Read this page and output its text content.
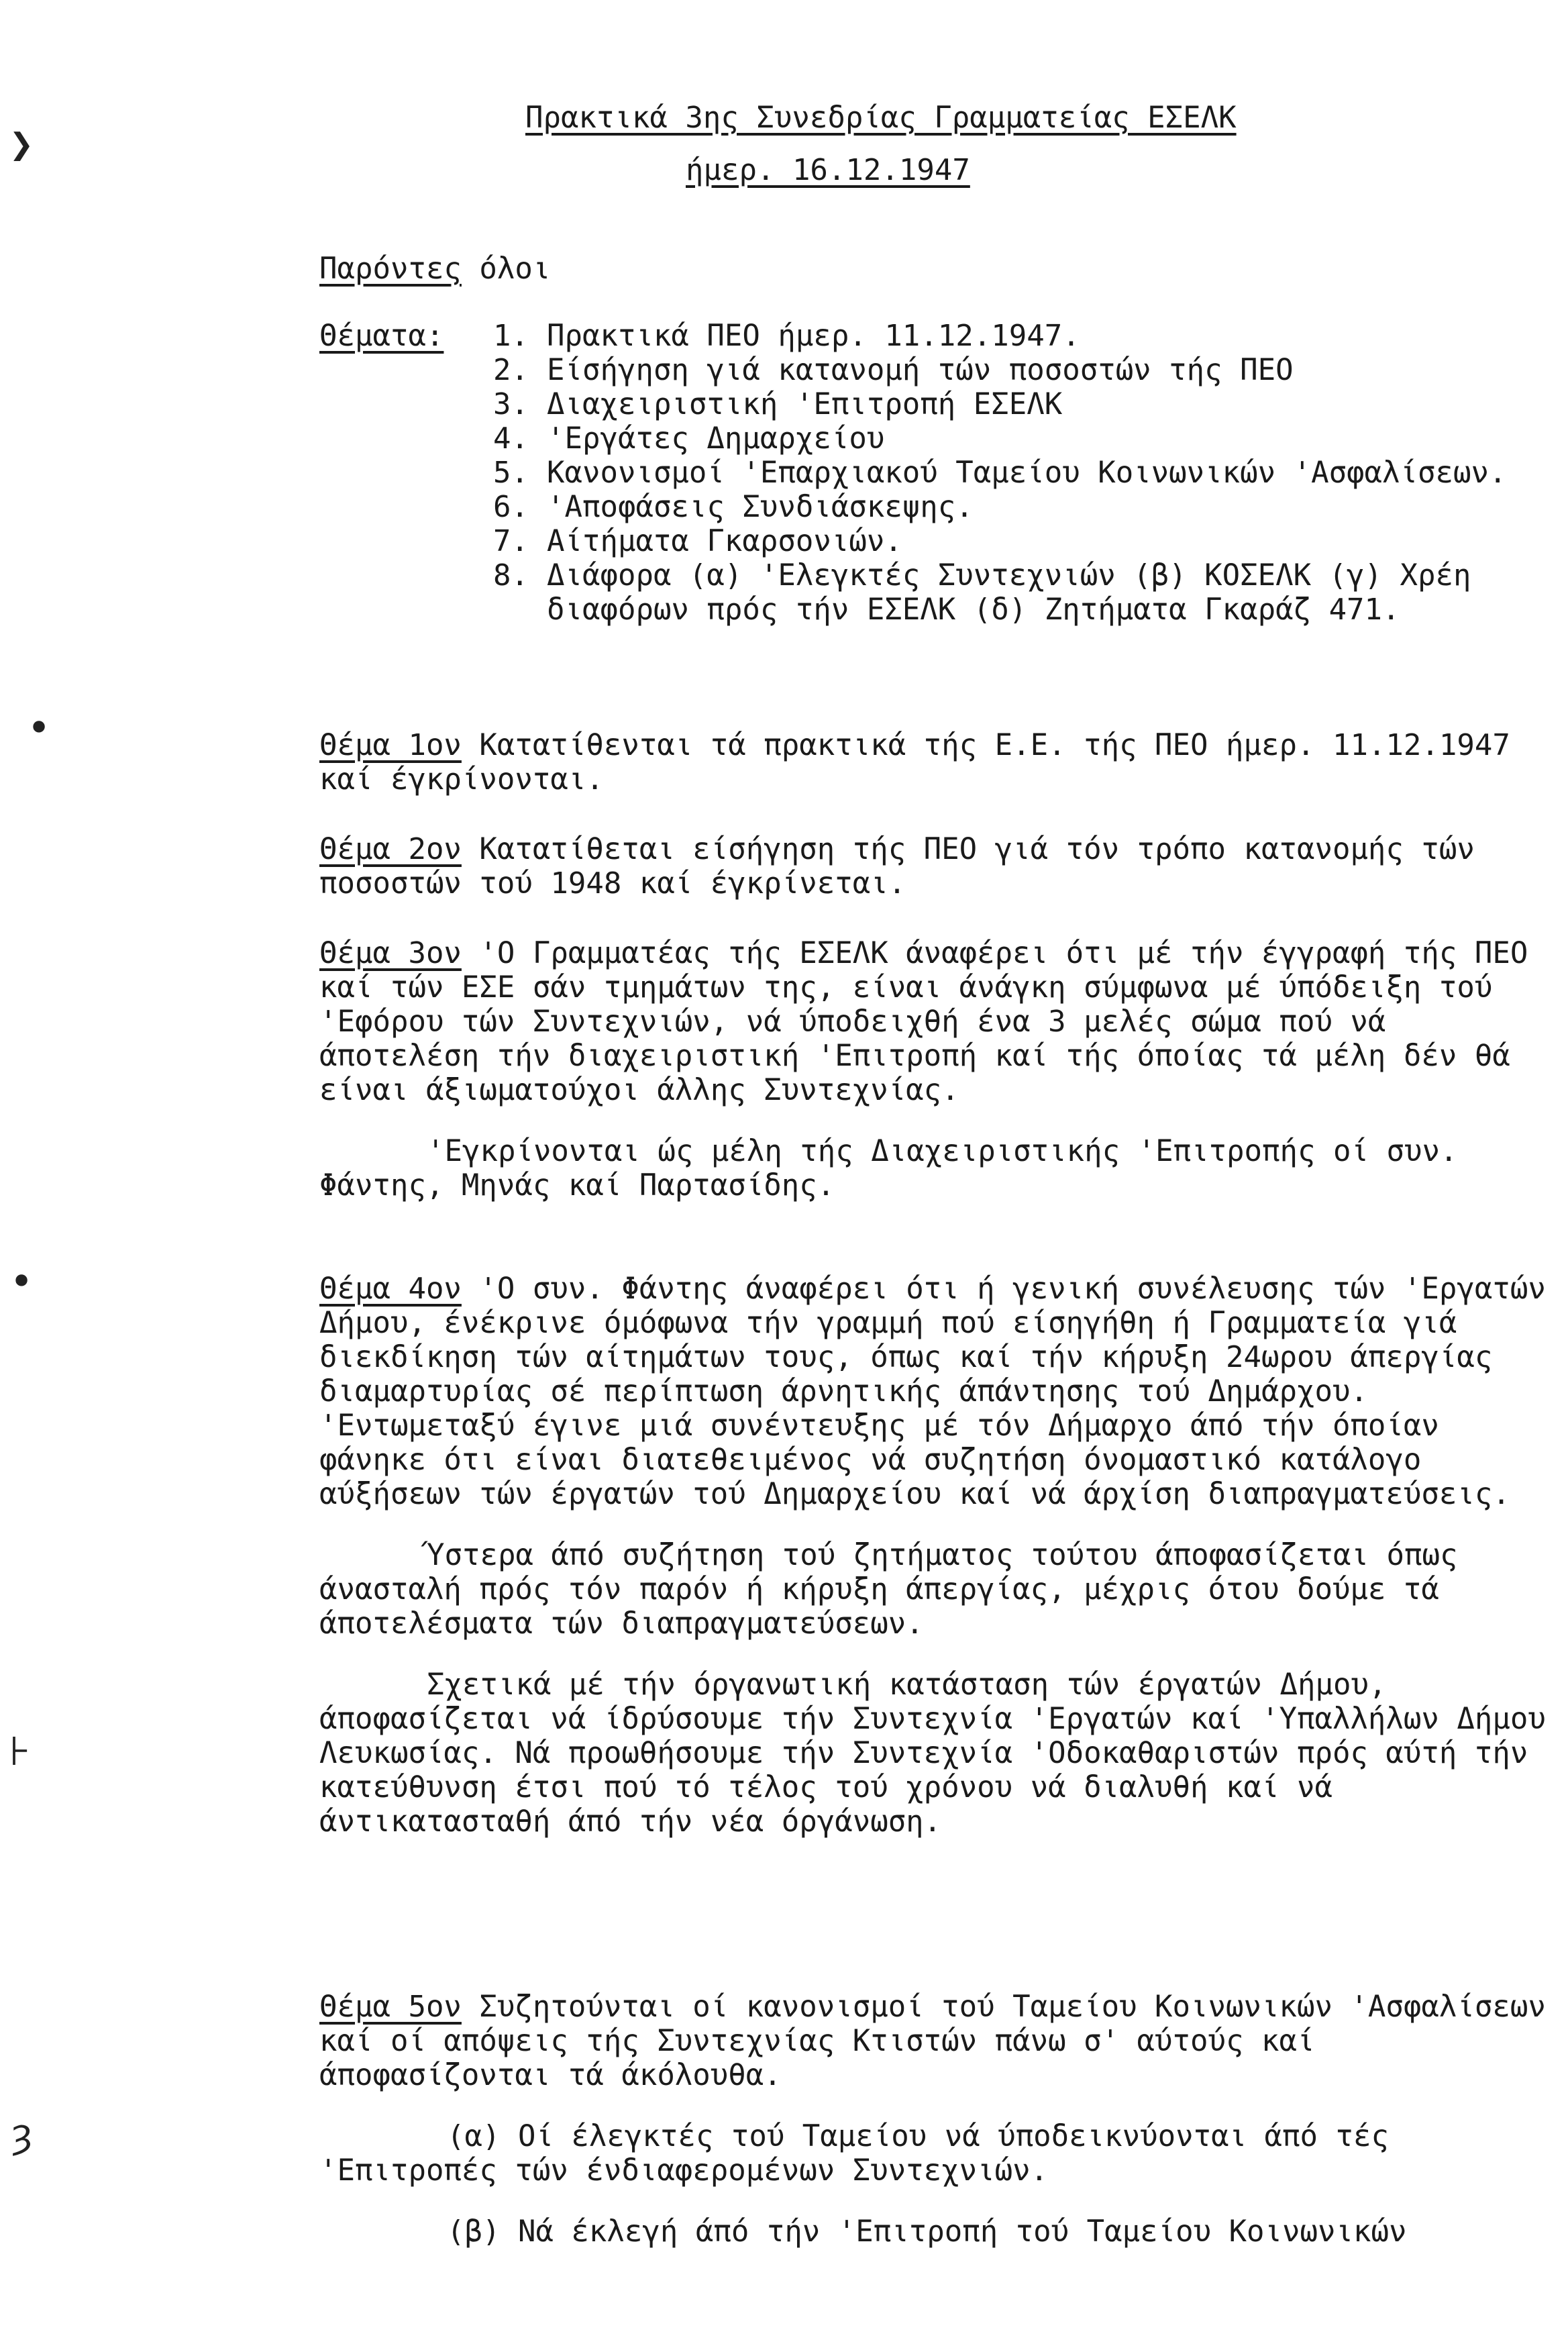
❯
•
•
⊦
ȝ
Πρακτικά 3ης Συνεδρίας Γραμματείας ΕΣΕΛΚ
ήμερ. 16.12.1947
Παρόντες όλοι
Θέματα: 1. Πρακτικά ΠΕΟ ήμερ. 11.12.1947.
2. Είσήγηση γιά κατανομή τών ποσοστών τής ΠΕΟ
3. Διαχειριστική 'Επιτροπή ΕΣΕΛΚ
4. 'Εργάτες Δημαρχείου
5. Κανονισμοί 'Επαρχιακού Ταμείου Κοινωνικών 'Ασφαλίσεων.
6. 'Αποφάσεις Συνδιάσκεψης.
7. Αίτήματα Γκαρσονιών.
8. Διάφορα (α) 'Ελεγκτές Συντεχνιών (β) ΚΟΣΕΛΚ (γ) Χρέη διαφόρων πρός τήν ΕΣΕΛΚ (δ) Ζητήματα Γκαράζ 471.

Θέμα 1ον Κατατίθενται τά πρακτικά τής Ε.Ε. τής ΠΕΟ ήμερ. 11.12.1947 καί έγκρίνονται.

Θέμα 2ον Κατατίθεται είσήγηση τής ΠΕΟ γιά τόν τρόπο κατανομής τών ποσοστών τού 1948 καί έγκρίνεται.

Θέμα 3ον 'Ο Γραμματέας τής ΕΣΕΛΚ άναφέρει ότι μέ τήν έγγραφή τής ΠΕΟ καί τών ΕΣΕ σάν τμημάτων της, είναι άνάγκη σύμφωνα μέ ύπόδειξη τού 'Εφόρου τών Συντεχνιών, νά ύποδειχθή ένα 3 μελές σώμα πού νά άποτελέση τήν διαχειριστική 'Επιτροπή καί τής όποίας τά μέλη δέν θά είναι άξιωματούχοι άλλης Συντεχνίας.

'Εγκρίνονται ώς μέλη τής Διαχειριστικής 'Επιτροπής οί συν. Φάντης, Μηνάς καί Παρτασίδης.

Θέμα 4ον 'Ο συν. Φάντης άναφέρει ότι ή γενική συνέλευσης τών 'Εργατών Δήμου, ένέκρινε όμόφωνα τήν γραμμή πού είσηγήθη ή Γραμματεία γιά διεκδίκηση τών αίτημάτων τους, όπως καί τήν κήρυξη 24ωρου άπεργίας διαμαρτυρίας σέ περίπτωση άρνητικής άπάντησης τού Δημάρχου. 'Εντωμεταξύ έγινε μιά συνέντευξης μέ τόν Δήμαρχο άπό τήν όποίαν φάνηκε ότι είναι διατεθειμένος νά συζητήση όνομαστικό κατάλογο αύξήσεων τών έργατών τού Δημαρχείου καί νά άρχίση διαπραγματεύσεις.

Ύστερα άπό συζήτηση τού ζητήματος τούτου άποφασίζεται όπως άνασταλή πρός τόν παρόν ή κήρυξη άπεργίας, μέχρις ότου δούμε τά άποτελέσματα τών διαπραγματεύσεων.

Σχετικά μέ τήν όργανωτική κατάσταση τών έργατών Δήμου, άποφασίζεται νά ίδρύσουμε τήν Συντεχνία 'Εργατών καί 'Υπαλλήλων Δήμου Λευκωσίας. Νά προωθήσουμε τήν Συντεχνία 'Οδοκαθαριστών πρός αύτή τήν κατεύθυνση έτσι πού τό τέλος τού χρόνου νά διαλυθή καί νά άντικατασταθή άπό τήν νέα όργάνωση.

Θέμα 5ον Συζητούνται οί κανονισμοί τού Ταμείου Κοινωνικών 'Ασφαλίσεων καί οί απόψεις τής Συντεχνίας Κτιστών πάνω σ' αύτούς καί άποφασίζονται τά άκόλουθα.

(α) Οί έλεγκτές τού Ταμείου νά ύποδεικνύονται άπό τές 'Επιτροπές τών ένδιαφερομένων Συντεχνιών.

(β) Νά έκλεγή άπό τήν 'Επιτροπή τού Ταμείου Κοινωνικών
